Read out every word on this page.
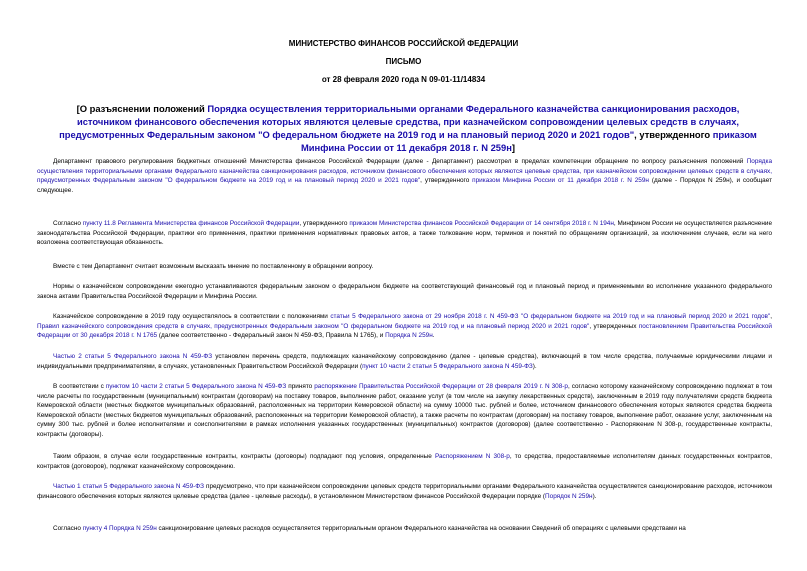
МИНИСТЕРСТВО ФИНАНСОВ РОССИЙСКОЙ ФЕДЕРАЦИИ
ПИСЬМО
от 28 февраля 2020 года N 09-01-11/14834
[О разъяснении положений Порядка осуществления территориальными органами Федерального казначейства санкционирования расходов, источником финансового обеспечения которых являются целевые средства, при казначейском сопровождении целевых средств в случаях, предусмотренных Федеральным законом "О федеральном бюджете на 2019 год и на плановый период 2020 и 2021 годов", утвержденного приказом Минфина России от 11 декабря 2018 г. N 259н]

Департамент правового регулирования бюджетных отношений Министерства финансов Российской Федерации (далее - Департамент) рассмотрел в пределах компетенции обращение по вопросу разъяснения положений Порядка осуществления территориальными органами Федерального казначейства санкционирования расходов, источником финансового обеспечения которых являются целевые средства, при казначейском сопровождении целевых средств в случаях, предусмотренных Федеральным законом "О федеральном бюджете на 2019 год и на плановый период 2020 и 2021 годов", утвержденного приказом Минфина России от 11 декабря 2018 г. N 259н (далее - Порядок N 259н), и сообщает следующее.

Согласно пункту 11.8 Регламента Министерства финансов Российской Федерации, утвержденного приказом Министерства финансов Российской Федерации от 14 сентября 2018 г. N 194н, Минфином России не осуществляется разъяснение законодательства Российской Федерации, практики его применения, практики применения нормативных правовых актов, а также толкование норм, терминов и понятий по обращениям организаций, за исключением случаев, если на него возложена соответствующая обязанность.

Вместе с тем Департамент считает возможным высказать мнение по поставленному в обращении вопросу.

Нормы о казначейском сопровождении ежегодно устанавливаются федеральным законом о федеральном бюджете на соответствующий финансовый год и плановый период и применяемыми во исполнение указанного федерального закона актами Правительства Российской Федерации и Минфина России.

Казначейское сопровождение в 2019 году осуществлялось в соответствии с положениями статьи 5 Федерального закона от 29 ноября 2018 г. N 459-ФЗ "О федеральном бюджете на 2019 год и на плановый период 2020 и 2021 годов", Правил казначейского сопровождения средств в случаях, предусмотренных Федеральным законом "О федеральном бюджете на 2019 год и на плановый период 2020 и 2021 годов", утвержденных постановлением Правительства Российской Федерации от 30 декабря 2018 г. N 1765 (далее соответственно - Федеральный закон N 459-ФЗ, Правила N 1765), и Порядка N 259н.

Частью 2 статьи 5 Федерального закона N 459-ФЗ установлен перечень средств, подлежащих казначейскому сопровождению (далее - целевые средства), включающий в том числе средства, получаемые юридическими лицами и индивидуальными предпринимателями, в случаях, установленных Правительством Российской Федерации (пункт 10 части 2 статьи 5 Федерального закона N 459-ФЗ).

В соответствии с пунктом 10 части 2 статьи 5 Федерального закона N 459-ФЗ принято распоряжение Правительства Российской Федерации от 28 февраля 2019 г. N 308-р, согласно которому казначейскому сопровождению подлежат в том числе расчеты по государственным (муниципальным) контрактам (договорам) на поставку товаров, выполнение работ, оказание услуг (в том числе на закупку лекарственных средств), заключенным в 2019 году получателями средств бюджета Кемеровской области (местных бюджетов муниципальных образований, расположенных на территории Кемеровской области) на сумму 10000 тыс. рублей и более, источником финансового обеспечения которых являются средства бюджета Кемеровской области (местных бюджетов муниципальных образований, расположенных на территории Кемеровской области), а также расчеты по контрактам (договорам) на поставку товаров, выполнение работ, оказание услуг, заключенным на сумму 300 тыс. рублей и более исполнителями и соисполнителями в рамках исполнения указанных государственных (муниципальных) контрактов (договоров) (далее соответственно - Распоряжение N 308-р, государственные контракты, контракты (договоры).

Таким образом, в случае если государственные контракты, контракты (договоры) подпадают под условия, определенные Распоряжением N 308-р, то средства, предоставляемые исполнителям данных государственных контрактов, контрактов (договоров), подлежат казначейскому сопровождению.

Частью 1 статьи 5 Федерального закона N 459-ФЗ предусмотрено, что при казначейском сопровождении целевых средств территориальными органами Федерального казначейства осуществляется санкционирование расходов, источником финансового обеспечения которых являются целевые средства (далее - целевые расходы), в установленном Министерством финансов Российской Федерации порядке (Порядок N 259н).

Согласно пункту 4 Порядка N 259н санкционирование целевых расходов осуществляется территориальным органом Федерального казначейства на основании Сведений об операциях с целевыми средствами на
